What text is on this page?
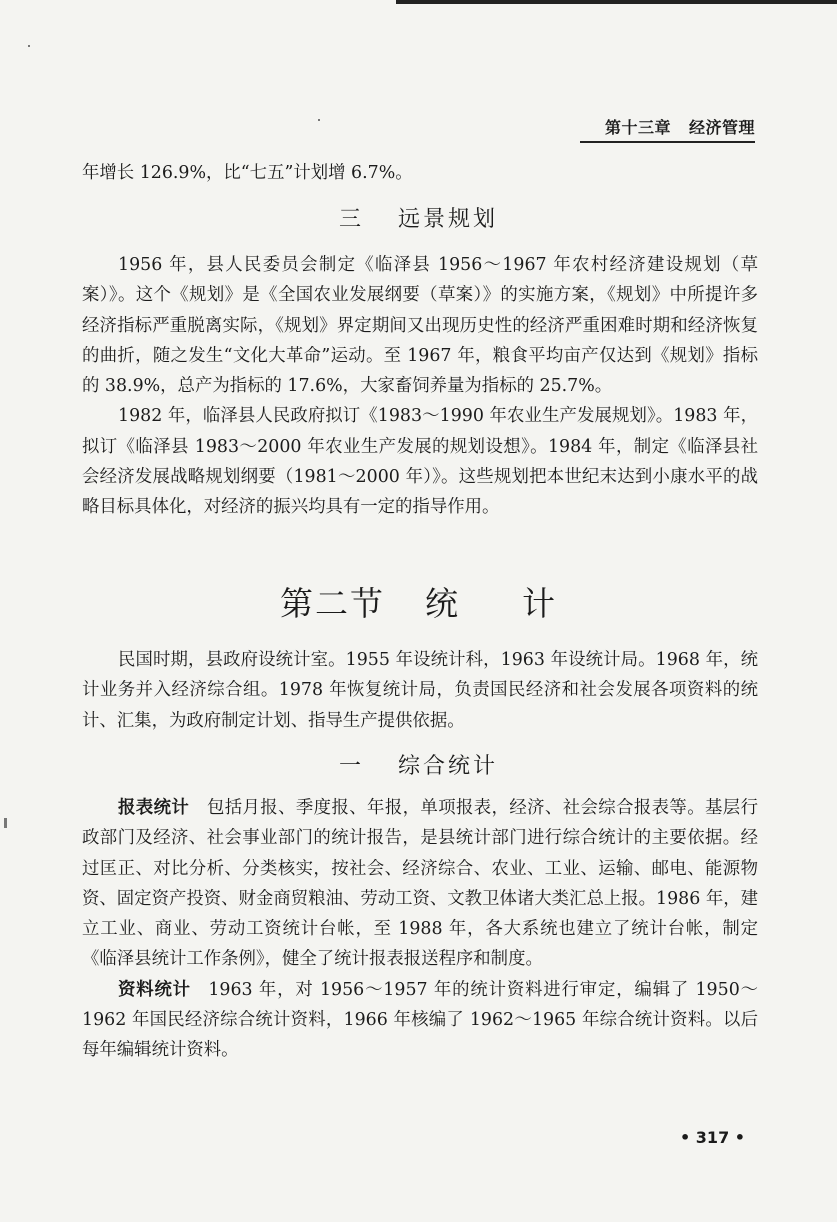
第十三章 经济管理

年增长 126.9%，比“七五”计划增 6.7%。

三 远景规划

1956 年，县人民委员会制定《临泽县 1956～1967 年农村经济建设规划（草案）》。这个《规划》是《全国农业发展纲要（草案）》的实施方案，《规划》中所提许多经济指标严重脱离实际，《规划》界定期间又出现历史性的经济严重困难时期和经济恢复的曲折，随之发生“文化大革命”运动。至 1967 年，粮食平均亩产仅达到《规划》指标的 38.9%，总产为指标的 17.6%，大家畜饲养量为指标的 25.7%。

1982 年，临泽县人民政府拟订《1983～1990 年农业生产发展规划》。1983 年，拟订《临泽县 1983～2000 年农业生产发展的规划设想》。1984 年，制定《临泽县社会经济发展战略规划纲要（1981～2000 年）》。这些规划把本世纪末达到小康水平的战略目标具体化，对经济的振兴均具有一定的指导作用。

第二节 统 计

民国时期，县政府设统计室。1955 年设统计科，1963 年设统计局。1968 年，统计业务并入经济综合组。1978 年恢复统计局，负责国民经济和社会发展各项资料的统计、汇集，为政府制定计划、指导生产提供依据。

一 综合统计

报表统计  包括月报、季度报、年报，单项报表，经济、社会综合报表等。基层行政部门及经济、社会事业部门的统计报告，是县统计部门进行综合统计的主要依据。经过匡正、对比分析、分类核实，按社会、经济综合、农业、工业、运输、邮电、能源物资、固定资产投资、财金商贸粮油、劳动工资、文教卫体诸大类汇总上报。1986 年，建立工业、商业、劳动工资统计台帐，至 1988 年，各大系统也建立了统计台帐，制定《临泽县统计工作条例》，健全了统计报表报送程序和制度。

资料统计  1963 年，对 1956～1957 年的统计资料进行审定，编辑了 1950～1962 年国民经济综合统计资料，1966 年核编了 1962～1965 年综合统计资料。以后每年编辑统计资料。

• 317 •
